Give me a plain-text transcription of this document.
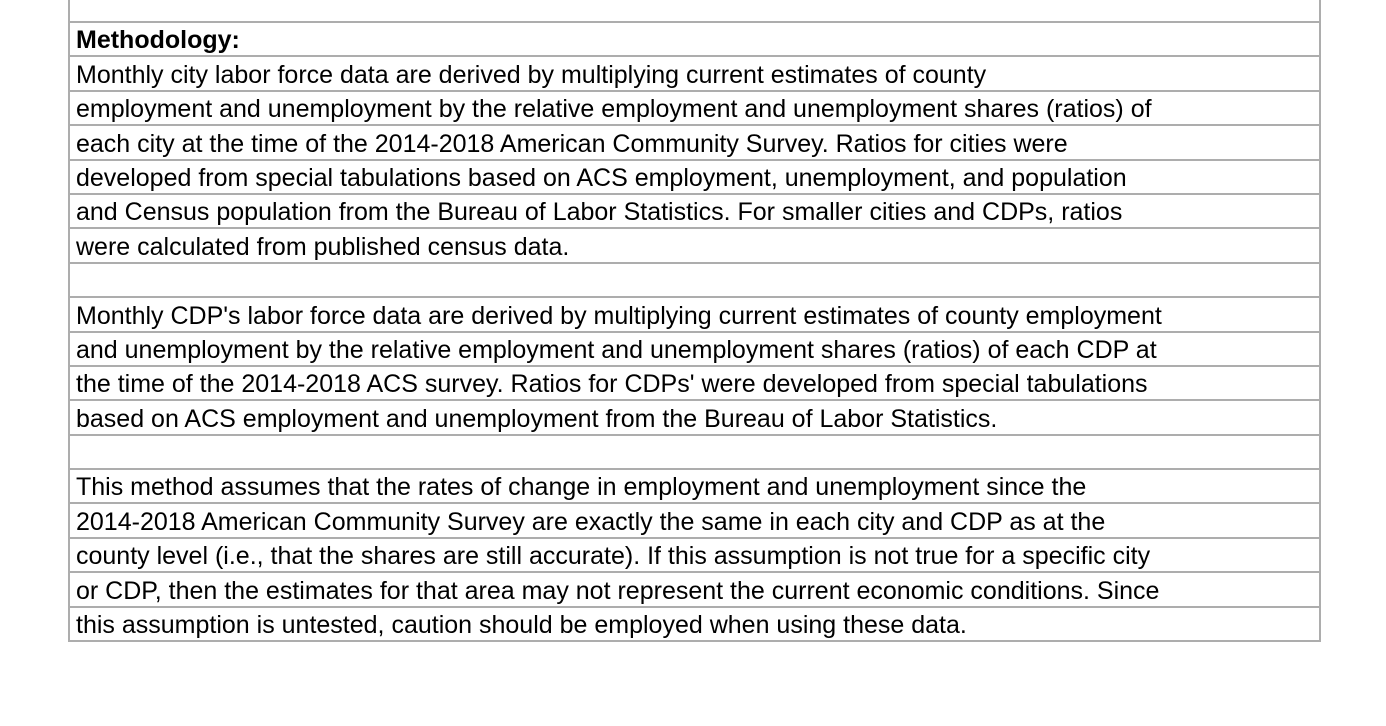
Methodology:
Monthly city labor force data are derived by multiplying current estimates of county
employment and unemployment by the relative employment and unemployment shares (ratios) of
each city at the time of the 2014-2018 American Community Survey. Ratios for cities were
developed from special tabulations based on ACS employment, unemployment, and population
and Census population from the Bureau of Labor Statistics. For smaller cities and CDPs, ratios
were calculated from published census data.
Monthly CDP's labor force data are derived by multiplying current estimates of county employment
and unemployment by the relative employment and unemployment shares (ratios) of each CDP at
the time of the 2014-2018 ACS survey. Ratios for CDPs' were developed from special tabulations
based on ACS employment and unemployment from the Bureau of Labor Statistics.
This method assumes that the rates of change in employment and unemployment since the
2014-2018 American Community Survey are exactly the same in each city and CDP as at the
county level (i.e., that the shares are still accurate). If this assumption is not true for a specific city
or CDP, then the estimates for that area may not represent the current economic conditions. Since
this assumption is untested, caution should be employed when using these data.
